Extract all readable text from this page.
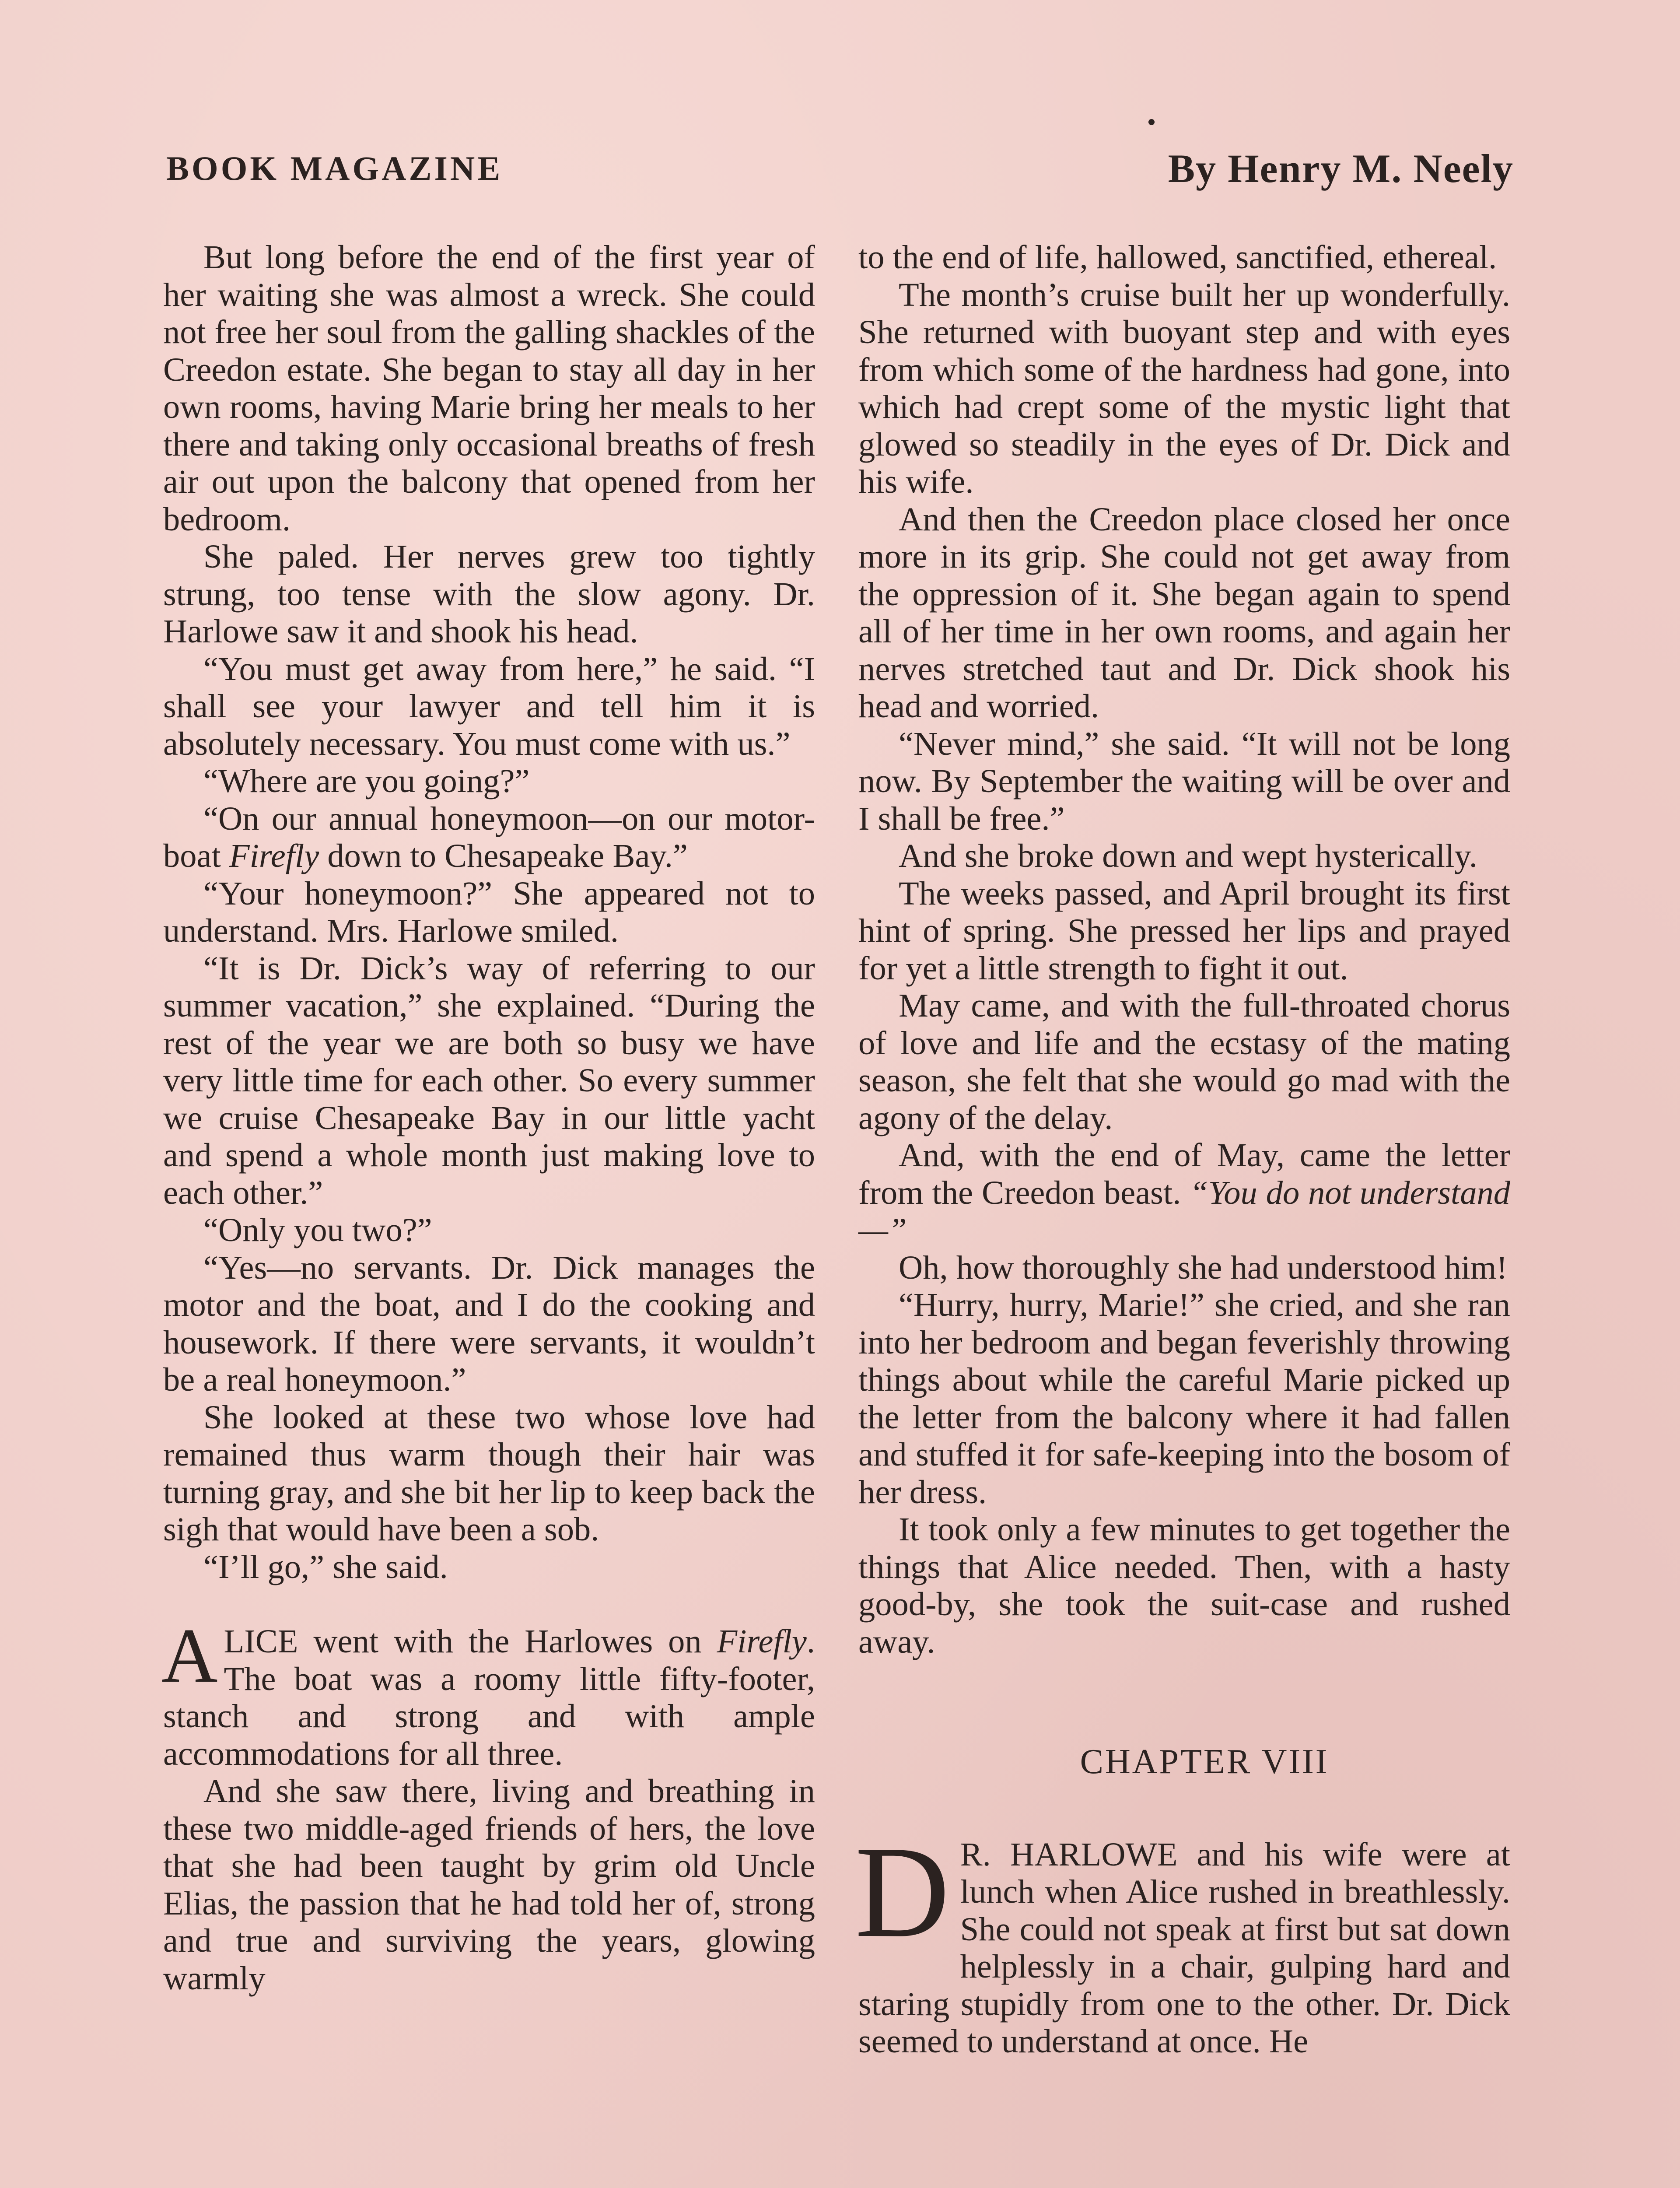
BOOK MAGAZINE	By Henry M. Neely

But long before the end of the first year of her waiting she was almost a wreck. She could not free her soul from the galling shackles of the Creedon estate. She began to stay all day in her own rooms, having Marie bring her meals to her there and taking only occasional breaths of fresh air out upon the balcony that opened from her bedroom.

She paled. Her nerves grew too tightly strung, too tense with the slow agony. Dr. Harlowe saw it and shook his head.

“You must get away from here,” he said. “I shall see your lawyer and tell him it is absolutely necessary. You must come with us.”

“Where are you going?”

“On our annual honeymoon—on our motor-boat Firefly down to Chesapeake Bay.”

“Your honeymoon?” She appeared not to understand. Mrs. Harlowe smiled.

“It is Dr. Dick’s way of referring to our summer vacation,” she explained. “During the rest of the year we are both so busy we have very little time for each other. So every summer we cruise Chesapeake Bay in our little yacht and spend a whole month just making love to each other.”

“Only you two?”

“Yes—no servants. Dr. Dick manages the motor and the boat, and I do the cooking and housework. If there were servants, it wouldn’t be a real honeymoon.”

She looked at these two whose love had remained thus warm though their hair was turning gray, and she bit her lip to keep back the sigh that would have been a sob.

“I’ll go,” she said.

ALICE went with the Harlowes on Firefly. The boat was a roomy little fifty-footer, stanch and strong and with ample accommodations for all three.

And she saw there, living and breathing in these two middle-aged friends of hers, the love that she had been taught by grim old Uncle Elias, the passion that he had told her of, strong and true and surviving the years, glowing warmly

to the end of life, hallowed, sanctified, ethereal.

The month’s cruise built her up wonderfully. She returned with buoyant step and with eyes from which some of the hardness had gone, into which had crept some of the mystic light that glowed so steadily in the eyes of Dr. Dick and his wife.

And then the Creedon place closed her once more in its grip. She could not get away from the oppression of it. She began again to spend all of her time in her own rooms, and again her nerves stretched taut and Dr. Dick shook his head and worried.

“Never mind,” she said. “It will not be long now. By September the waiting will be over and I shall be free.”

And she broke down and wept hysterically.

The weeks passed, and April brought its first hint of spring. She pressed her lips and prayed for yet a little strength to fight it out.

May came, and with the full-throated chorus of love and life and the ecstasy of the mating season, she felt that she would go mad with the agony of the delay.

And, with the end of May, came the letter from the Creedon beast. “You do not understand—”

Oh, how thoroughly she had understood him!

“Hurry, hurry, Marie!” she cried, and she ran into her bedroom and began feverishly throwing things about while the careful Marie picked up the letter from the balcony where it had fallen and stuffed it for safe-keeping into the bosom of her dress.

It took only a few minutes to get together the things that Alice needed. Then, with a hasty good-by, she took the suit-case and rushed away.

CHAPTER VIII

D R. HARLOWE and his wife were at lunch when Alice rushed in breathlessly. She could not speak at first but sat down helplessly in a chair, gulping hard and staring stupidly from one to the other. Dr. Dick seemed to understand at once. He
